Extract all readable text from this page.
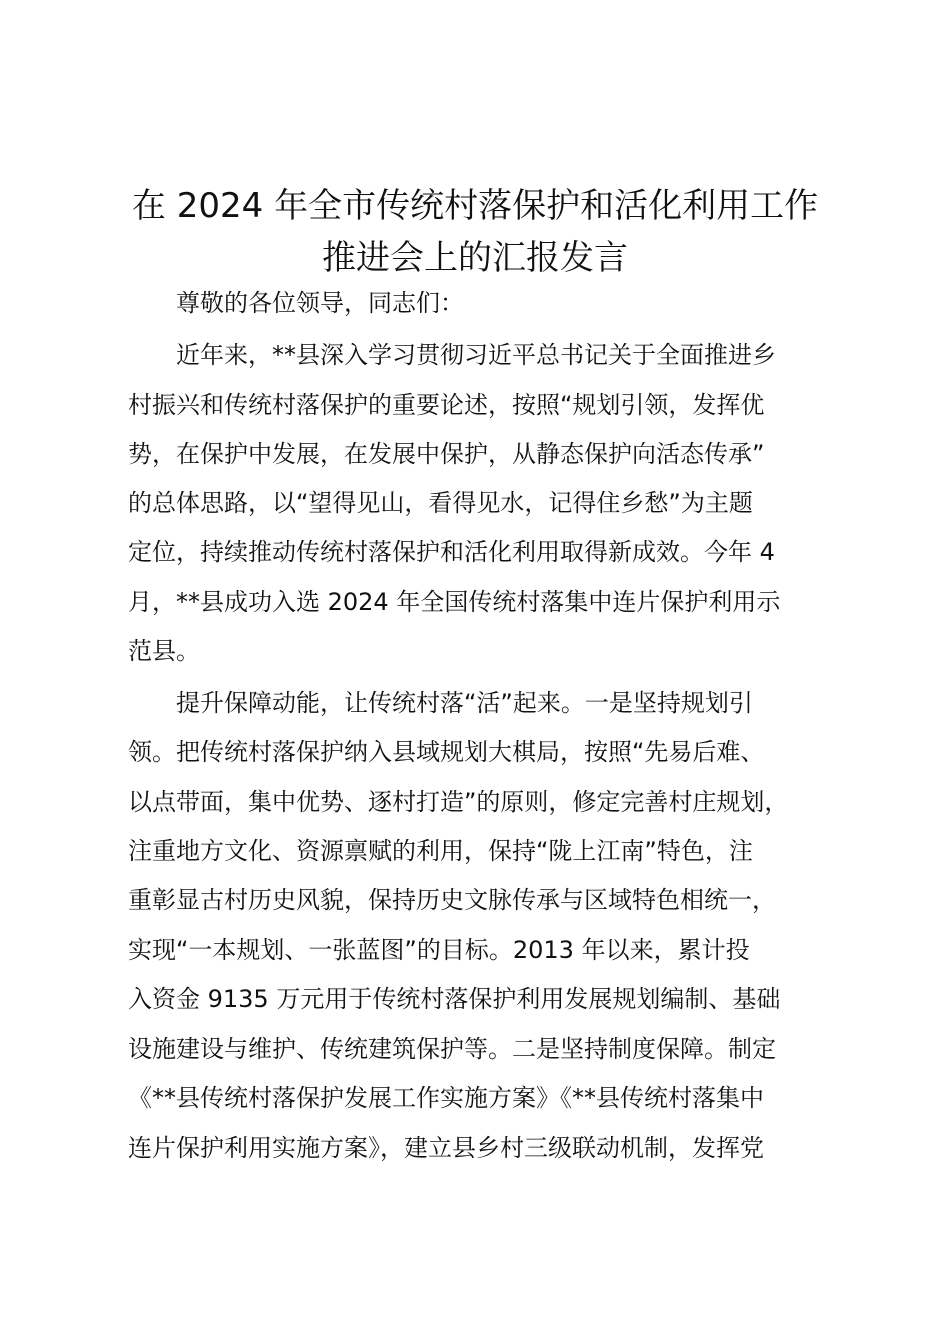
在 2024 年全市传统村落保护和活化利用工作
推进会上的汇报发言

尊敬的各位领导，同志们：

近年来，**县深入学习贯彻习近平总书记关于全面推进乡

村振兴和传统村落保护的重要论述，按照“规划引领，发挥优

势，在保护中发展，在发展中保护，从静态保护向活态传承”

的总体思路，以“望得见山，看得见水，记得住乡愁”为主题

定位，持续推动传统村落保护和活化利用取得新成效。今年 4

月，**县成功入选 2024 年全国传统村落集中连片保护利用示

范县。

提升保障动能，让传统村落“活”起来。一是坚持规划引

领。把传统村落保护纳入县域规划大棋局，按照“先易后难、

以点带面，集中优势、逐村打造”的原则，修定完善村庄规划，

注重地方文化、资源禀赋的利用，保持“陇上江南”特色，注

重彰显古村历史风貌，保持历史文脉传承与区域特色相统一，

实现“一本规划、一张蓝图”的目标。2013 年以来，累计投

入资金 9135 万元用于传统村落保护利用发展规划编制、基础

设施建设与维护、传统建筑保护等。二是坚持制度保障。制定

《**县传统村落保护发展工作实施方案》《**县传统村落集中

连片保护利用实施方案》，建立县乡村三级联动机制，发挥党
